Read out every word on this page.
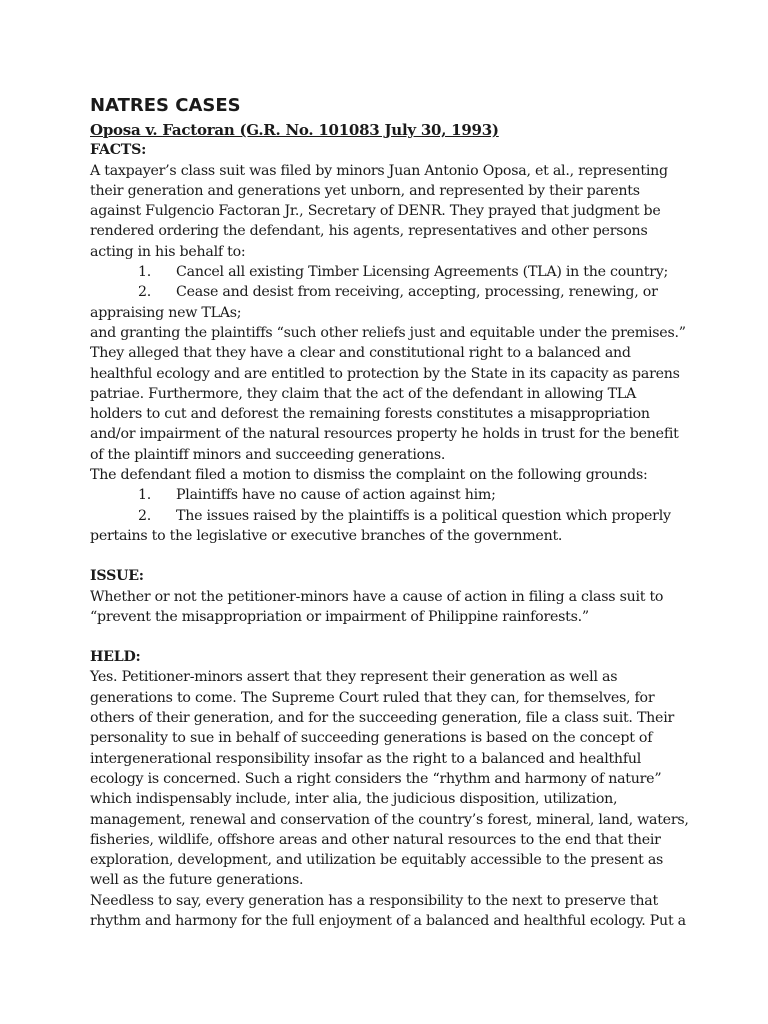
NATRES CASES

Oposa v. Factoran (G.R. No. 101083 July 30, 1993)

FACTS:

A taxpayer’s class suit was filed by minors Juan Antonio Oposa, et al., representing their generation and generations yet unborn, and represented by their parents against Fulgencio Factoran Jr., Secretary of DENR. They prayed that judgment be rendered ordering the defendant, his agents, representatives and other persons acting in his behalf to:

1.	Cancel all existing Timber Licensing Agreements (TLA) in the country;
2. Cease and desist from receiving, accepting, processing, renewing, or appraising new TLAs;

and granting the plaintiffs “such other reliefs just and equitable under the premises.” They alleged that they have a clear and constitutional right to a balanced and healthful ecology and are entitled to protection by the State in its capacity as parens patriae. Furthermore, they claim that the act of the defendant in allowing TLA holders to cut and deforest the remaining forests constitutes a misappropriation and/or impairment of the natural resources property he holds in trust for the benefit of the plaintiff minors and succeeding generations.

The defendant filed a motion to dismiss the complaint on the following grounds:

1.	Plaintiffs have no cause of action against him;
2. The issues raised by the plaintiffs is a political question which properly pertains to the legislative or executive branches of the government.

ISSUE:

Whether or not the petitioner-minors have a cause of action in filing a class suit to “prevent the misappropriation or impairment of Philippine rainforests.”

HELD:

Yes. Petitioner-minors assert that they represent their generation as well as generations to come. The Supreme Court ruled that they can, for themselves, for others of their generation, and for the succeeding generation, file a class suit. Their personality to sue in behalf of succeeding generations is based on the concept of intergenerational responsibility insofar as the right to a balanced and healthful ecology is concerned. Such a right considers the “rhythm and harmony of nature” which indispensably include, inter alia, the judicious disposition, utilization, management, renewal and conservation of the country’s forest, mineral, land, waters, fisheries, wildlife, offshore areas and other natural resources to the end that their exploration, development, and utilization be equitably accessible to the present as well as the future generations.

Needless to say, every generation has a responsibility to the next to preserve that rhythm and harmony for the full enjoyment of a balanced and healthful ecology. Put a
